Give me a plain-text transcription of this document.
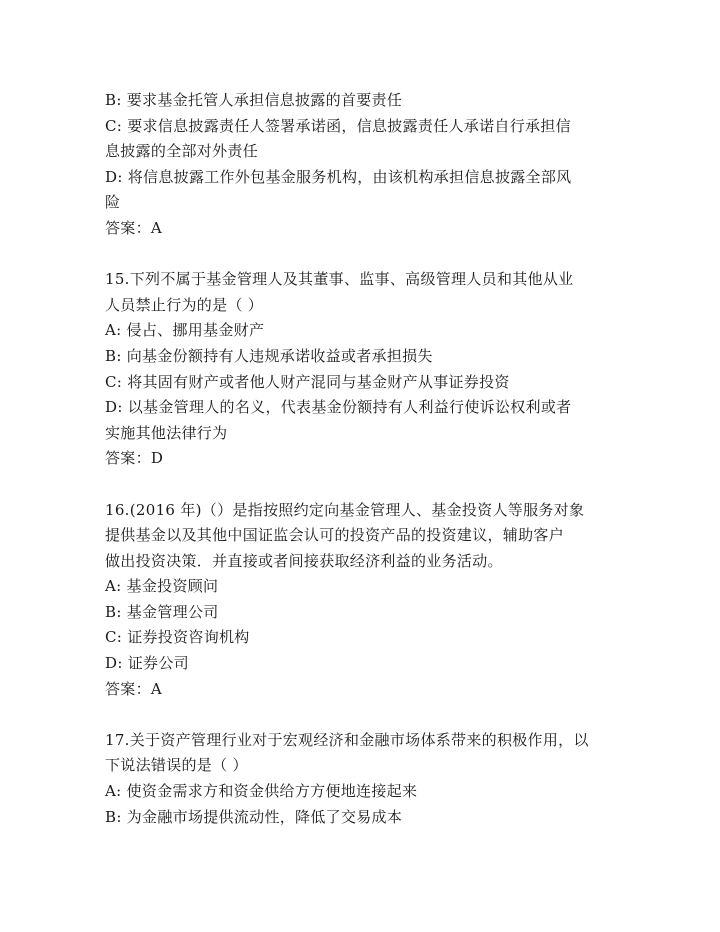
B: 要求基金托管人承担信息披露的首要责任
C: 要求信息披露责任人签署承诺函，信息披露责任人承诺自行承担信
息披露的全部对外责任
D: 将信息披露工作外包基金服务机构，由该机构承担信息披露全部风
险
答案：A
15.下列不属于基金管理人及其董事、监事、高级管理人员和其他从业
人员禁止行为的是（ ）
A: 侵占、挪用基金财产
B: 向基金份额持有人违规承诺收益或者承担损失
C: 将其固有财产或者他人财产混同与基金财产从事证券投资
D: 以基金管理人的名义，代表基金份额持有人利益行使诉讼权利或者
实施其他法律行为
答案：D
16.(2016 年)（）是指按照约定向基金管理人、基金投资人等服务对象
提供基金以及其他中国证监会认可的投资产品的投资建议，辅助客户
做出投资决策．并直接或者间接获取经济利益的业务活动。
A: 基金投资顾问
B: 基金管理公司
C: 证券投资咨询机构
D: 证券公司
答案：A
17.关于资产管理行业对于宏观经济和金融市场体系带来的积极作用，以
下说法错误的是（ ）
A: 使资金需求方和资金供给方方便地连接起来
B: 为金融市场提供流动性，降低了交易成本
